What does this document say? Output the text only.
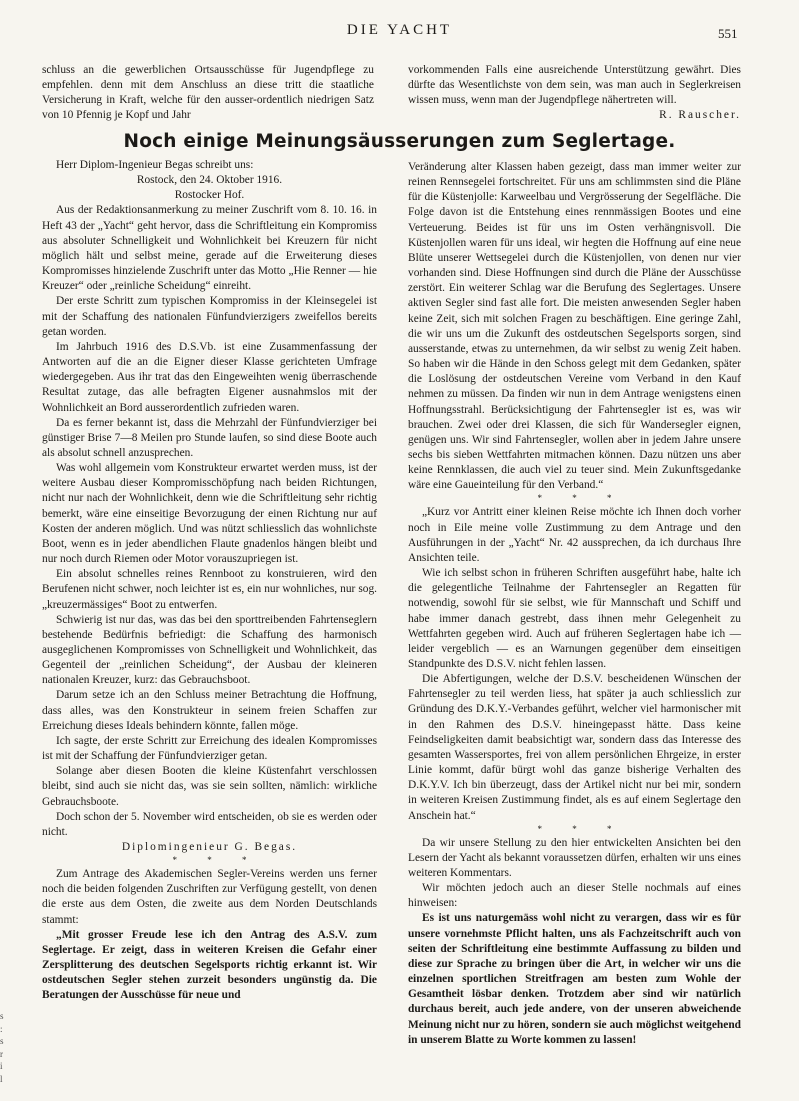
DIE YACHT	551

schluss an die gewerblichen Ortsausschüsse für Jugendpflege zu empfehlen. denn mit dem Anschluss an diese tritt die staatliche Versicherung in Kraft, welche für den ausser-ordentlich niedrigen Satz von 10 Pfennig je Kopf und Jahr

vorkommenden Falls eine ausreichende Unterstützung gewährt. Dies dürfte das Wesentlichste von dem sein, was man auch in Seglerkreisen wissen muss, wenn man der Jugendpflege nähertreten will.

R. Rauscher.

Noch einige Meinungsäusserungen zum Seglertage.

Herr Diplom-Ingenieur Begas schreibt uns:

Rostock, den 24. Oktober 1916.

Rostocker Hof.

Aus der Redaktionsanmerkung zu meiner Zuschrift vom 8. 10. 16. in Heft 43 der „Yacht“ geht hervor, dass die Schriftleitung ein Kompromiss aus absoluter Schnelligkeit und Wohnlichkeit bei Kreuzern für nicht möglich hält und selbst meine, gerade auf die Erweiterung dieses Kompromisses hinzielende Zuschrift unter das Motto „Hie Renner — hie Kreuzer“ oder „reinliche Scheidung“ einreiht.

Der erste Schritt zum typischen Kompromiss in der Kleinsegelei ist mit der Schaffung des nationalen Fünfundvierzigers zweifellos bereits getan worden.

Im Jahrbuch 1916 des D.S.Vb. ist eine Zusammenfassung der Antworten auf die an die Eigner dieser Klasse gerichteten Umfrage wiedergegeben. Aus ihr trat das den Eingeweihten wenig überraschende Resultat zutage, das alle befragten Eigener ausnahmslos mit der Wohnlichkeit an Bord ausserordentlich zufrieden waren.

Da es ferner bekannt ist, dass die Mehrzahl der Fünfundvierziger bei günstiger Brise 7—8 Meilen pro Stunde laufen, so sind diese Boote auch als absolut schnell anzusprechen.

Was wohl allgemein vom Konstrukteur erwartet werden muss, ist der weitere Ausbau dieser Kompromisschöpfung nach beiden Richtungen, nicht nur nach der Wohnlichkeit, denn wie die Schriftleitung sehr richtig bemerkt, wäre eine einseitige Bevorzugung der einen Richtung nur auf Kosten der anderen möglich. Und was nützt schliesslich das wohnlichste Boot, wenn es in jeder abendlichen Flaute gnadenlos hängen bleibt und nur noch durch Riemen oder Motor vorauszupriegen ist.

Ein absolut schnelles reines Rennboot zu konstruieren, wird den Berufenen nicht schwer, noch leichter ist es, ein nur wohnliches, nur sog. „kreuzermässiges“ Boot zu entwerfen.

Schwierig ist nur das, was das bei den sporttreibenden Fahrtenseglern bestehende Bedürfnis befriedigt: die Schaffung des harmonisch ausgeglichenen Kompromisses von Schnelligkeit und Wohnlichkeit, das Gegenteil der „reinlichen Scheidung“, der Ausbau der kleineren nationalen Kreuzer, kurz: das Gebrauchsboot.

Darum setze ich an den Schluss meiner Betrachtung die Hoffnung, dass alles, was den Konstrukteur in seinem freien Schaffen zur Erreichung dieses Ideals behindern könnte, fallen möge.

Ich sagte, der erste Schritt zur Erreichung des idealen Kompromisses ist mit der Schaffung der Fünfundvierziger getan.

Solange aber diesen Booten die kleine Küstenfahrt verschlossen bleibt, sind auch sie nicht das, was sie sein sollten, nämlich: wirkliche Gebrauchsboote.

Doch schon der 5. November wird entscheiden, ob sie es werden oder nicht.

Diplomingenieur G. Begas.

* * *

Zum Antrage des Akademischen Segler-Vereins werden uns ferner noch die beiden folgenden Zuschriften zur Verfügung gestellt, von denen die erste aus dem Osten, die zweite aus dem Norden Deutschlands stammt:

„Mit grosser Freude lese ich den Antrag des A.S.V. zum Seglertage. Er zeigt, dass in weiteren Kreisen die Gefahr einer Zersplitterung des deutschen Segelsports richtig erkannt ist. Wir ostdeutschen Segler stehen zurzeit besonders ungünstig da. Die Beratungen der Ausschüsse für neue und

Veränderung alter Klassen haben gezeigt, dass man immer weiter zur reinen Rennsegelei fortschreitet. Für uns am schlimmsten sind die Pläne für die Küstenjolle: Karweelbau und Vergrösserung der Segelfläche. Die Folge davon ist die Entstehung eines rennmässigen Bootes und eine Verteuerung. Beides ist für uns im Osten verhängnisvoll. Die Küstenjollen waren für uns ideal, wir hegten die Hoffnung auf eine neue Blüte unserer Wettsegelei durch die Küstenjollen, von denen nur vier vorhanden sind. Diese Hoffnungen sind durch die Pläne der Ausschüsse zerstört. Ein weiterer Schlag war die Berufung des Seglertages. Unsere aktiven Segler sind fast alle fort. Die meisten anwesenden Segler haben keine Zeit, sich mit solchen Fragen zu beschäftigen. Eine geringe Zahl, die wir uns um die Zukunft des ostdeutschen Segelsports sorgen, sind ausserstande, etwas zu unternehmen, da wir selbst zu wenig Zeit haben. So haben wir die Hände in den Schoss gelegt mit dem Gedanken, später die Loslösung der ostdeutschen Vereine vom Verband in den Kauf nehmen zu müssen. Da finden wir nun in dem Antrage wenigstens einen Hoffnungsstrahl. Berücksichtigung der Fahrtensegler ist es, was wir brauchen. Zwei oder drei Klassen, die sich für Wandersegler eignen, genügen uns. Wir sind Fahrtensegler, wollen aber in jedem Jahre unsere sechs bis sieben Wettfahrten mitmachen können. Dazu nützen uns aber keine Rennklassen, die auch viel zu teuer sind. Mein Zukunftsgedanke wäre eine Gaueinteilung für den Verband.“

* * *

„Kurz vor Antritt einer kleinen Reise möchte ich Ihnen doch vorher noch in Eile meine volle Zustimmung zu dem Antrage und den Ausführungen in der „Yacht“ Nr. 42 aussprechen, da ich durchaus Ihre Ansichten teile.

Wie ich selbst schon in früheren Schriften ausgeführt habe, halte ich die gelegentliche Teilnahme der Fahrtensegler an Regatten für notwendig, sowohl für sie selbst, wie für Mannschaft und Schiff und habe immer danach gestrebt, dass ihnen mehr Gelegenheit zu Wettfahrten gegeben wird. Auch auf früheren Seglertagen habe ich — leider vergeblich — es an Warnungen gegenüber dem einseitigen Standpunkte des D.S.V. nicht fehlen lassen.

Die Abfertigungen, welche der D.S.V. bescheidenen Wünschen der Fahrtensegler zu teil werden liess, hat später ja auch schliesslich zur Gründung des D.K.Y.-Verbandes geführt, welcher viel harmonischer mit in den Rahmen des D.S.V. hineingepasst hätte. Dass keine Feindseligkeiten damit beabsichtigt war, sondern dass das Interesse des gesamten Wassersportes, frei von allem persönlichen Ehrgeize, in erster Linie kommt, dafür bürgt wohl das ganze bisherige Verhalten des D.K.Y.V. Ich bin überzeugt, dass der Artikel nicht nur bei mir, sondern in weiteren Kreisen Zustimmung findet, als es auf einem Seglertage den Anschein hat.“

* * *

Da wir unsere Stellung zu den hier entwickelten Ansichten bei den Lesern der Yacht als bekannt voraussetzen dürfen, erhalten wir uns eines weiteren Kommentars.

Wir möchten jedoch auch an dieser Stelle nochmals auf eines hinweisen:

Es ist uns naturgemäss wohl nicht zu verargen, dass wir es für unsere vornehmste Pflicht halten, uns als Fachzeitschrift auch von seiten der Schriftleitung eine bestimmte Auffassung zu bilden und diese zur Sprache zu bringen über die Art, in welcher wir uns die einzelnen sportlichen Streitfragen am besten zum Wohle der Gesamtheit lösbar denken. Trotzdem aber sind wir natürlich durchaus bereit, auch jede andere, von der unseren abweichende Meinung nicht nur zu hören, sondern sie auch möglichst weitgehend in unserem Blatte zu Worte kommen zu lassen!

s
:
s
r
i
l
